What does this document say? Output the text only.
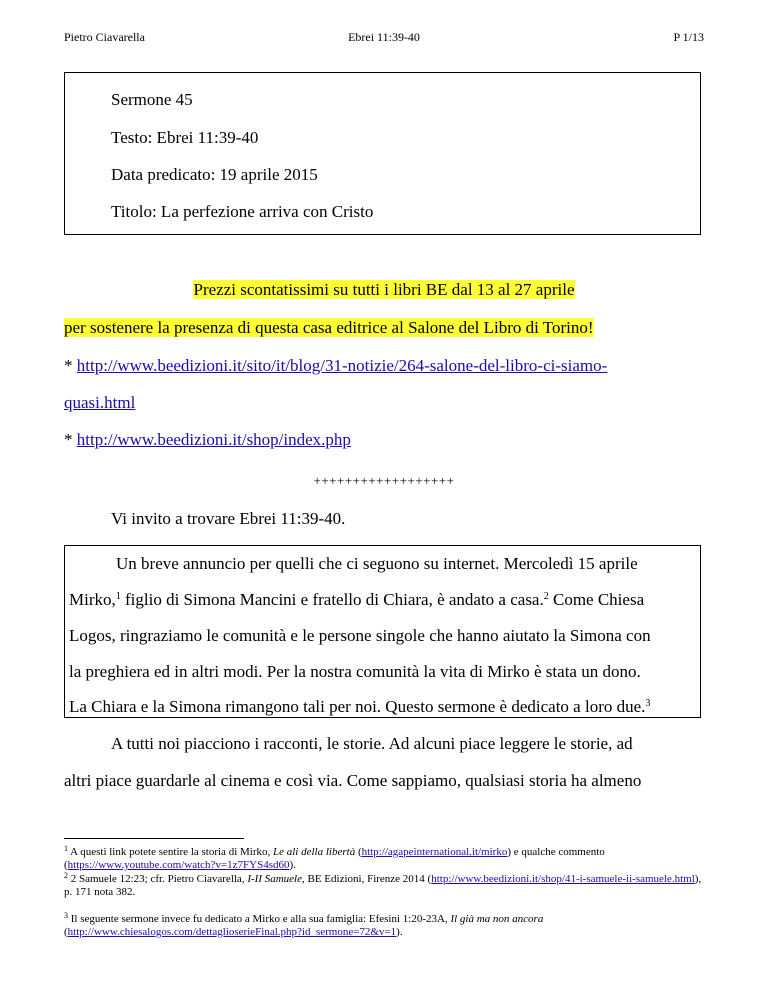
Pietro Ciavarella	Ebrei 11:39-40	P 1/13
Sermone 45
Testo: Ebrei 11:39-40
Data predicato: 19 aprile 2015
Titolo: La perfezione arriva con Cristo
Prezzi scontatissimi su tutti i libri BE dal 13 al 27 aprile
per sostenere la presenza di questa casa editrice al Salone del Libro di Torino!
* http://www.beedizioni.it/sito/it/blog/31-notizie/264-salone-del-libro-ci-siamo-
quasi.html
* http://www.beedizioni.it/shop/index.php
++++++++++++++++++
Vi invito a trovare Ebrei 11:39-40.
Un breve annuncio per quelli che ci seguono su internet. Mercoledì 15 aprile
Mirko,$^1$ figlio di Simona Mancini e fratello di Chiara, è andato a casa.$^2$ Come Chiesa
Logos, ringraziamo le comunità e le persone singole che hanno aiutato la Simona con
la preghiera ed in altri modi. Per la nostra comunità la vita di Mirko è stata un dono.
La Chiara e la Simona rimangono tali per noi. Questo sermone è dedicato a loro due.$^3$
A tutti noi piacciono i racconti, le storie. Ad alcuni piace leggere le storie, ad
altri piace guardarle al cinema e così via. Come sappiamo, qualsiasi storia ha almeno
$^1$ A questi link potete sentire la storia di Mirko, Le ali della libertà (http://agapeinternational.it/mirko) e qualche commento (https://www.youtube.com/watch?v=1z7FYS4sd60).
$^2$ 2 Samuele 12:23; cfr. Pietro Ciavarella, I-II Samuele, BE Edizioni, Firenze 2014 (http://www.beedizioni.it/shop/41-i-samuele-ii-samuele.html), p. 171 nota 382.
$^3$ Il seguente sermone invece fu dedicato a Mirko e alla sua famiglia: Efesini 1:20-23A, Il già ma non ancora (http://www.chiesalogos.com/dettaglioserieFinal.php?id_sermone=72&v=1).
